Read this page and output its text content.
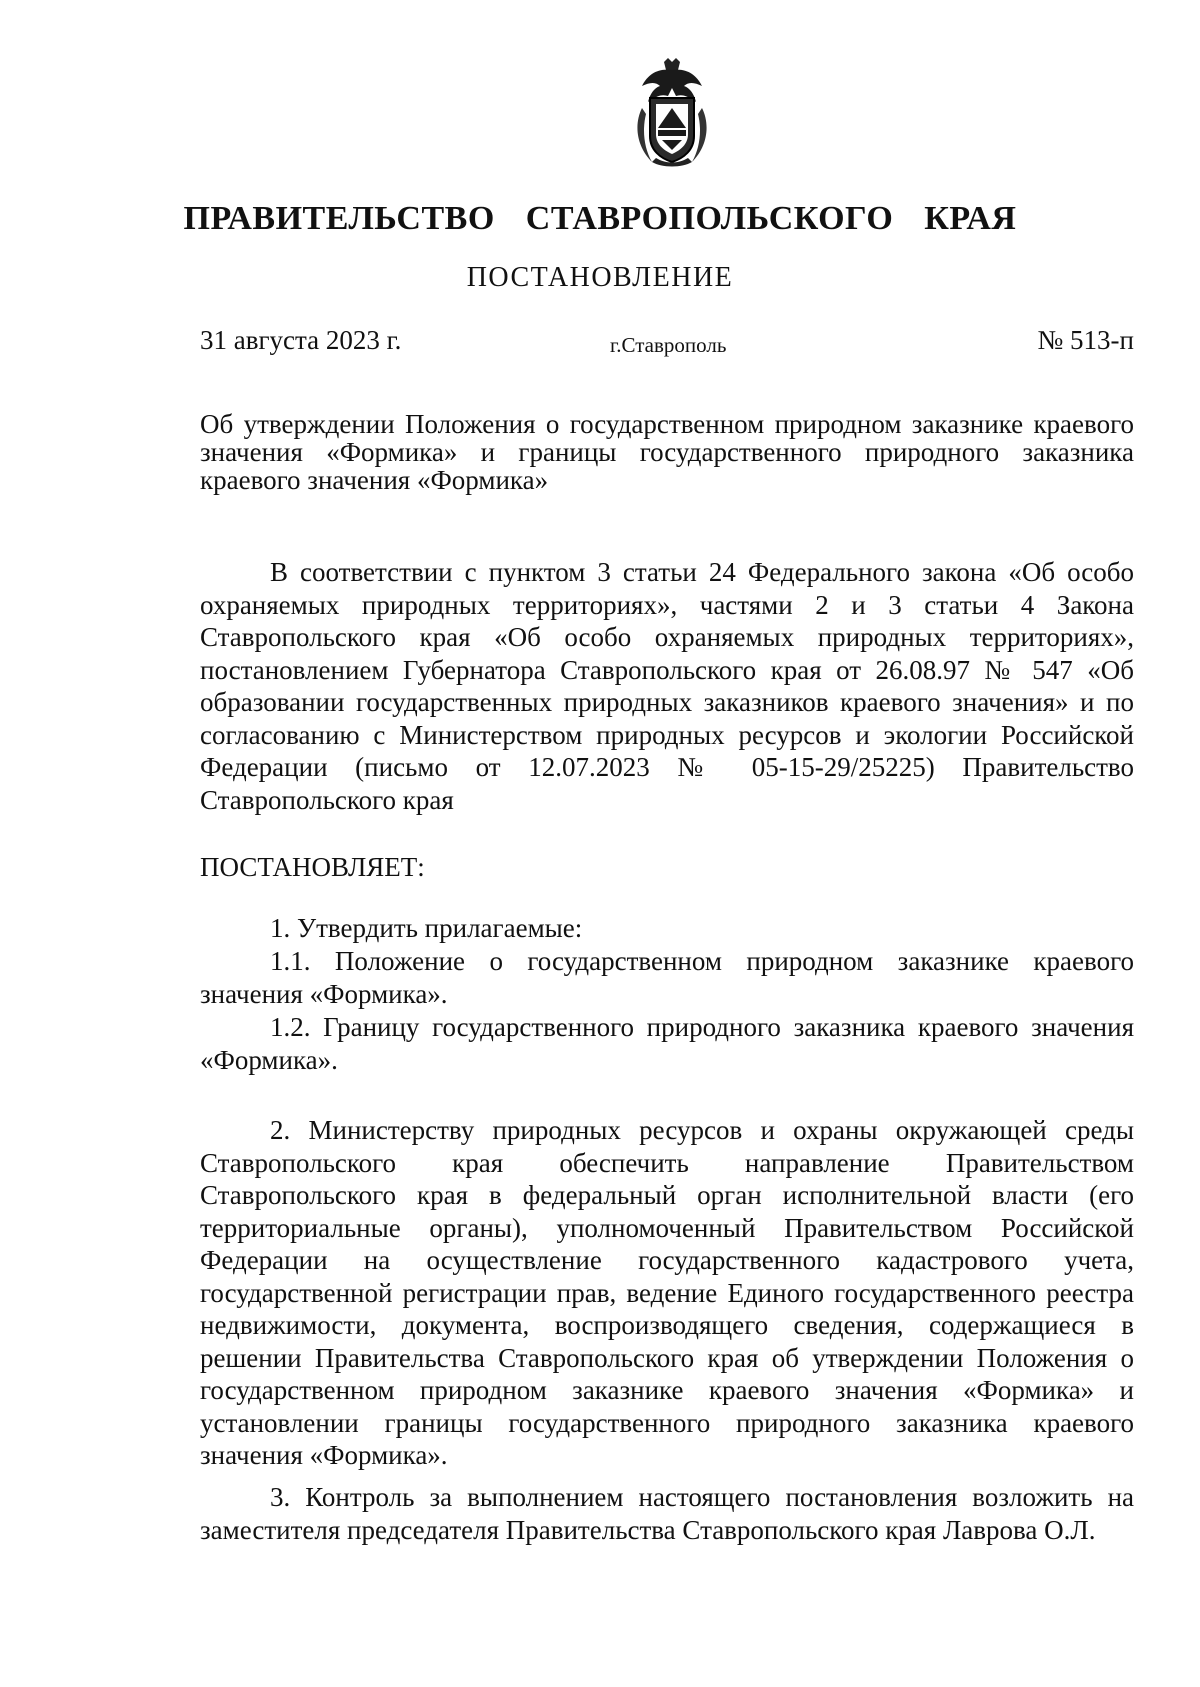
ПРАВИТЕЛЬСТВО СТАВРОПОЛЬСКОГО КРАЯ
ПОСТАНОВЛЕНИЕ
31 августа 2023 г.	г.Ставрополь	№ 513-п
Об утверждении Положения о государственном природном заказнике краевого значения «Формика» и границы государственного природного заказника краевого значения «Формика»

В соответствии с пунктом 3 статьи 24 Федерального закона «Об особо охраняемых природных территориях», частями 2 и 3 статьи 4 Закона Ставропольского края «Об особо охраняемых природных территориях», постановлением Губернатора Ставропольского края от 26.08.97 № 547 «Об образовании государственных природных заказников краевого значения» и по согласованию с Министерством природных ресурсов и экологии Российской Федерации (письмо от 12.07.2023 № 05-15-29/25225) Правительство Ставропольского края

ПОСТАНОВЛЯЕТ:
1. Утвердить прилагаемые:
1.1. Положение о государственном природном заказнике краевого значения «Формика».
1.2. Границу государственного природного заказника краевого значения «Формика».

2. Министерству природных ресурсов и охраны окружающей среды Ставропольского края обеспечить направление Правительством Ставропольского края в федеральный орган исполнительной власти (его территориальные органы), уполномоченный Правительством Российской Федерации на осуществление государственного кадастрового учета, государственной регистрации прав, ведение Единого государственного реестра недвижимости, документа, воспроизводящего сведения, содержащиеся в решении Правительства Ставропольского края об утверждении Положения о государственном природном заказнике краевого значения «Формика» и установлении границы государственного природного заказника краевого значения «Формика».

3. Контроль за выполнением настоящего постановления возложить на заместителя председателя Правительства Ставропольского края Лаврова О.Л.
